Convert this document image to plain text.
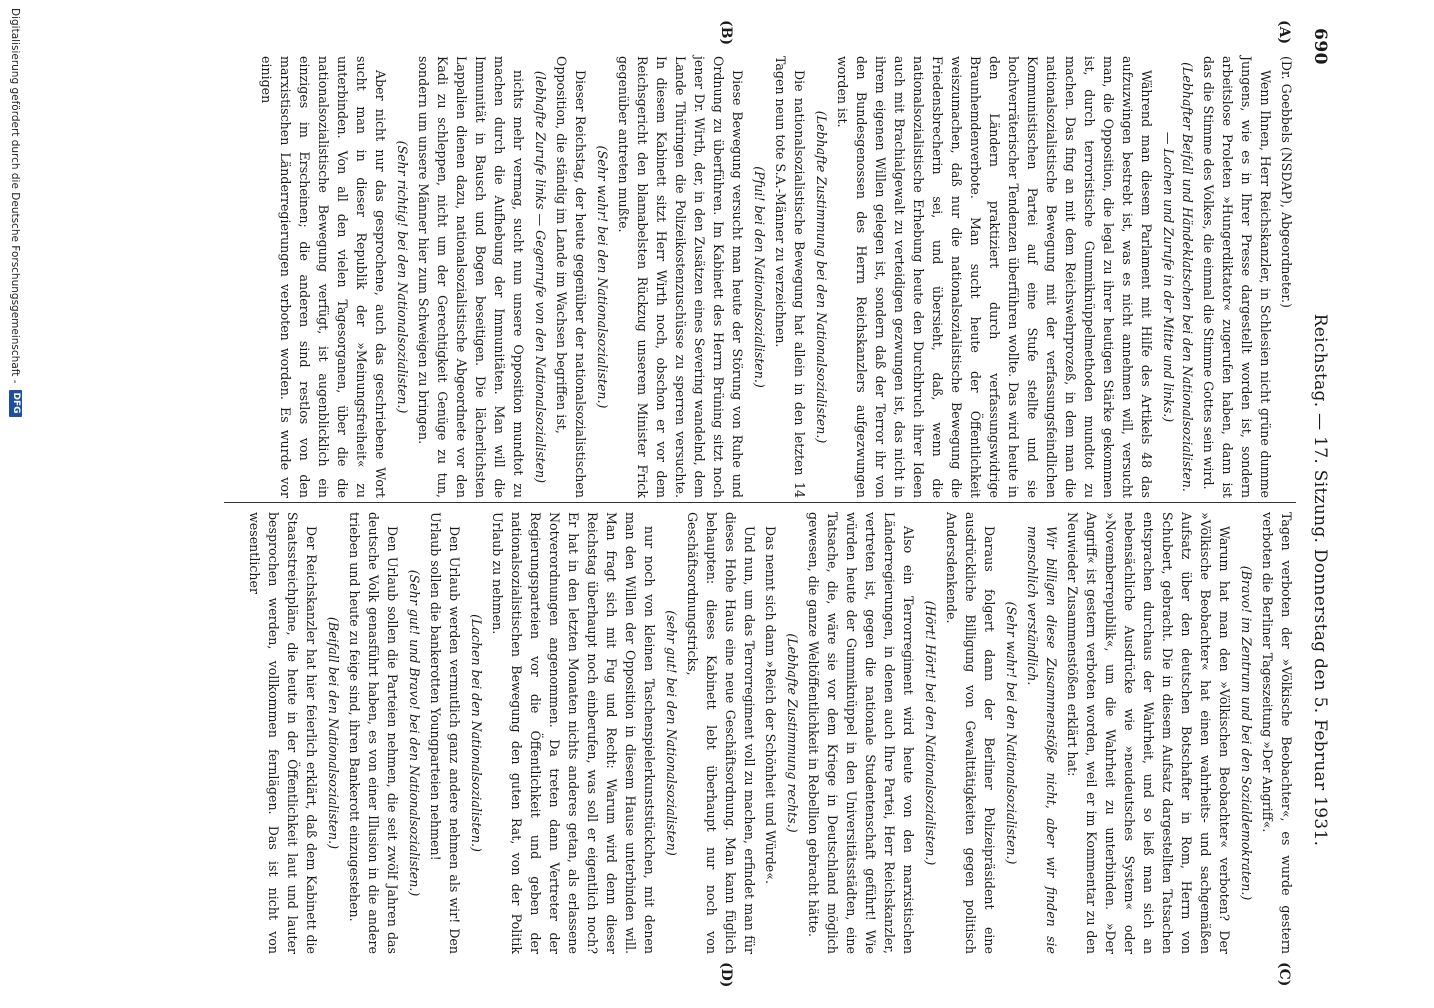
690
Reichstag. — 17. Sitzung. Donnerstag den 5. Februar 1931.
(A)
(B)
(C)
(D)

(Dr. Goebbels (NSDAP), Abgeordneter.)

Wenn Ihnen, Herr Reichskanzler, in Schlesien nicht grüne dumme Jungens, wie es in Ihrer Presse dargestellt worden ist, sondern arbeitslose Proleten »Hungerdiktator« zugerufen haben, dann ist das die Stimme des Volkes, die einmal die Stimme Gottes sein wird.

(Lebhafter Beifall und Händeklatschen bei den Nationalsozialisten. — Lachen und Zurufe in der Mitte und links.)

Während man diesem Parlament mit Hilfe des Artikels 48 das aufzuzwingen bestrebt ist, was es nicht annehmen will, versucht man, die Opposition, die legal zu ihrer heutigen Stärke gekommen ist, durch terroristische Gummiknüppelmethoden mundtot zu machen. Das fing an mit dem Reichswehrprozeß, in dem man die nationalsozialistische Bewegung mit der verfassungsfeindlichen Kommunistischen Partei auf eine Stufe stellte und sie hochverräterischer Tendenzen überführen wollte. Das wird heute in den Ländern praktiziert durch verfassungswidrige Braunhemdenverbote. Man sucht heute der Öffentlichkeit weiszumachen, daß nur die nationalsozialistische Bewegung die Friedensbrecherin sei, und übersieht, daß, wenn die nationalsozialistische Erhebung heute den Durchbruch ihrer Ideen auch mit Brachialgewalt zu verteidigen gezwungen ist, das nicht in ihrem eigenen Willen gelegen ist, sondern daß der Terror ihr von den Bundesgenossen des Herrn Reichskanzlers aufgezwungen worden ist.

(Lebhafte Zustimmung bei den Nationalsozialisten.)

Die nationalsozialistische Bewegung hat allein in den letzten 14 Tagen neun tote S.A.-Männer zu verzeichnen.

(Pfui! bei den Nationalsozialisten.)

Diese Bewegung versucht man heute der Störung von Ruhe und Ordnung zu überführen. Im Kabinett des Herrn Brüning sitzt noch jener Dr. Wirth, der, in den Zusätzen eines Severing wandelnd, dem Lande Thüringen die Polizeikostenzuschüsse zu sperren versuchte. In diesem Kabinett sitzt Herr Wirth noch, obschon er vor dem Reichsgericht den blamabelsten Rückzug unserem Minister Frick gegenüber antreten mußte.

(Sehr wahr! bei den Nationalsozialisten.)

Dieser Reichstag, der heute gegenüber der nationalsozialistischen Opposition, die ständig im Lande im Wachsen begriffen ist,

(lebhafte Zurufe links — Gegenrufe von den Nationalsozialisten)

nichts mehr vermag, sucht nun unsere Opposition mundtot zu machen durch die Aufhebung der Immunitäten. Man will die Immunität in Bausch und Bogen beseitigen. Die lächerlichsten Lappalien dienen dazu, nationalsozialistische Abgeordnete vor den Kadi zu schleppen, nicht um der Gerechtigkeit Genüge zu tun, sondern um unsere Männer hier zum Schweigen zu bringen.

(Sehr richtig! bei den Nationalsozialisten.)

Aber nicht nur das gesprochene, auch das geschriebene Wort sucht man in dieser Republik der »Meinungsfreiheit« zu unterbinden. Von all den vielen Tagesorganen, über die die nationalsozialistische Bewegung verfügt, ist augenblicklich ein einziges im Erscheinen; die anderen sind restlos von den marxistischen Länderregierungen verboten worden. Es wurde vor einigen

Tagen verboten der »Völkische Beobachter«, es wurde gestern verboten die Berliner Tageszeitung »Der Angriff«.

(Bravo! im Zentrum und bei den Sozialdemokraten.)

Warum hat man den »Völkischen Beobachter« verboten? Der »Völkische Beobachter« hat einen wahrheits- und sachgemäßen Aufsatz über den deutschen Botschafter in Rom, Herrn von Schubert, gebracht. Die in diesem Aufsatz dargestellten Tatsachen entsprachen durchaus der Wahrheit, und so ließ man sich an nebensächliche Ausdrücke wie »neudeutsches System« oder »Novemberrepublik«, um die Wahrheit zu unterbinden. »Der Angriff« ist gestern verboten worden, weil er im Kommentar zu den Neuwieder Zusammenstößen erklärt hat:

Wir billigen diese Zusammenstöße nicht, aber wir finden sie menschlich verständlich.

(Sehr wahr! bei den Nationalsozialisten.)

Daraus folgert dann der Berliner Polizeipräsident eine ausdrückliche Billigung von Gewalttätigkeiten gegen politisch Andersdenkende.

(Hört! Hört! bei den Nationalsozialisten.)

Also ein Terrorregiment wird heute von den marxistischen Länderregierungen, in denen auch Ihre Partei, Herr Reichskanzler, vertreten ist, gegen die nationale Studentenschaft geführt! Wie würden heute der Gummiknüppel in den Universitätsstädten, eine Tatsache, die, wäre sie vor dem Kriege in Deutschland möglich gewesen, die ganze Weltöffentlichkeit in Rebellion gebracht hätte.

(Lebhafte Zustimmung rechts.)

Das nennt sich dann »Reich der Schönheit und Würde«.

Und nun, um das Terrorregiment voll zu machen, erfindet man für dieses Hohe Haus eine neue Geschäftsordnung. Man kann füglich behaupten: dieses Kabinett lebt überhaupt nur noch von Geschäftsordnungstricks,

(sehr gut! bei den Nationalsozialisten)

nur noch von kleinen Taschenspielerkunststückchen, mit denen man den Willen der Opposition in diesem Hause unterbinden will. Man fragt sich mit Fug und Recht: Warum wird denn dieser Reichstag überhaupt noch einberufen, was soll er eigentlich noch? Er hat in den letzten Monaten nichts anderes getan, als erlassene Notverordnungen angenommen. Da treten dann Vertreter der Regierungsparteien vor die Öffentlichkeit und geben der nationalsozialistischen Bewegung den guten Rat, von der Politik Urlaub zu nehmen.

(Lachen bei den Nationalsozialisten.)

Den Urlaub werden vermutlich ganz andere nehmen als wir! Den Urlaub sollen die bankerotten Youngparteien nehmen!

(Sehr gut! und Bravo! bei den Nationalsozialisten.)

Den Urlaub sollen die Parteien nehmen, die seit zwölf Jahren das deutsche Volk genasführt haben, es von einer Illusion in die andere trieben und heute zu feige sind, ihren Bankerott einzugestehen.

(Beifall bei den Nationalsozialisten.)

Der Reichskanzler hat hier feierlich erklärt, daß dem Kabinett die Staatsstreichpläne, die heute in der Öffentlichkeit laut und lauter besprochen werden, vollkommen fernlägen. Das ist nicht von wesentlicher

Digitalisierung gefördert durch die Deutsche Forschungsgemeinschaft -
DFG
